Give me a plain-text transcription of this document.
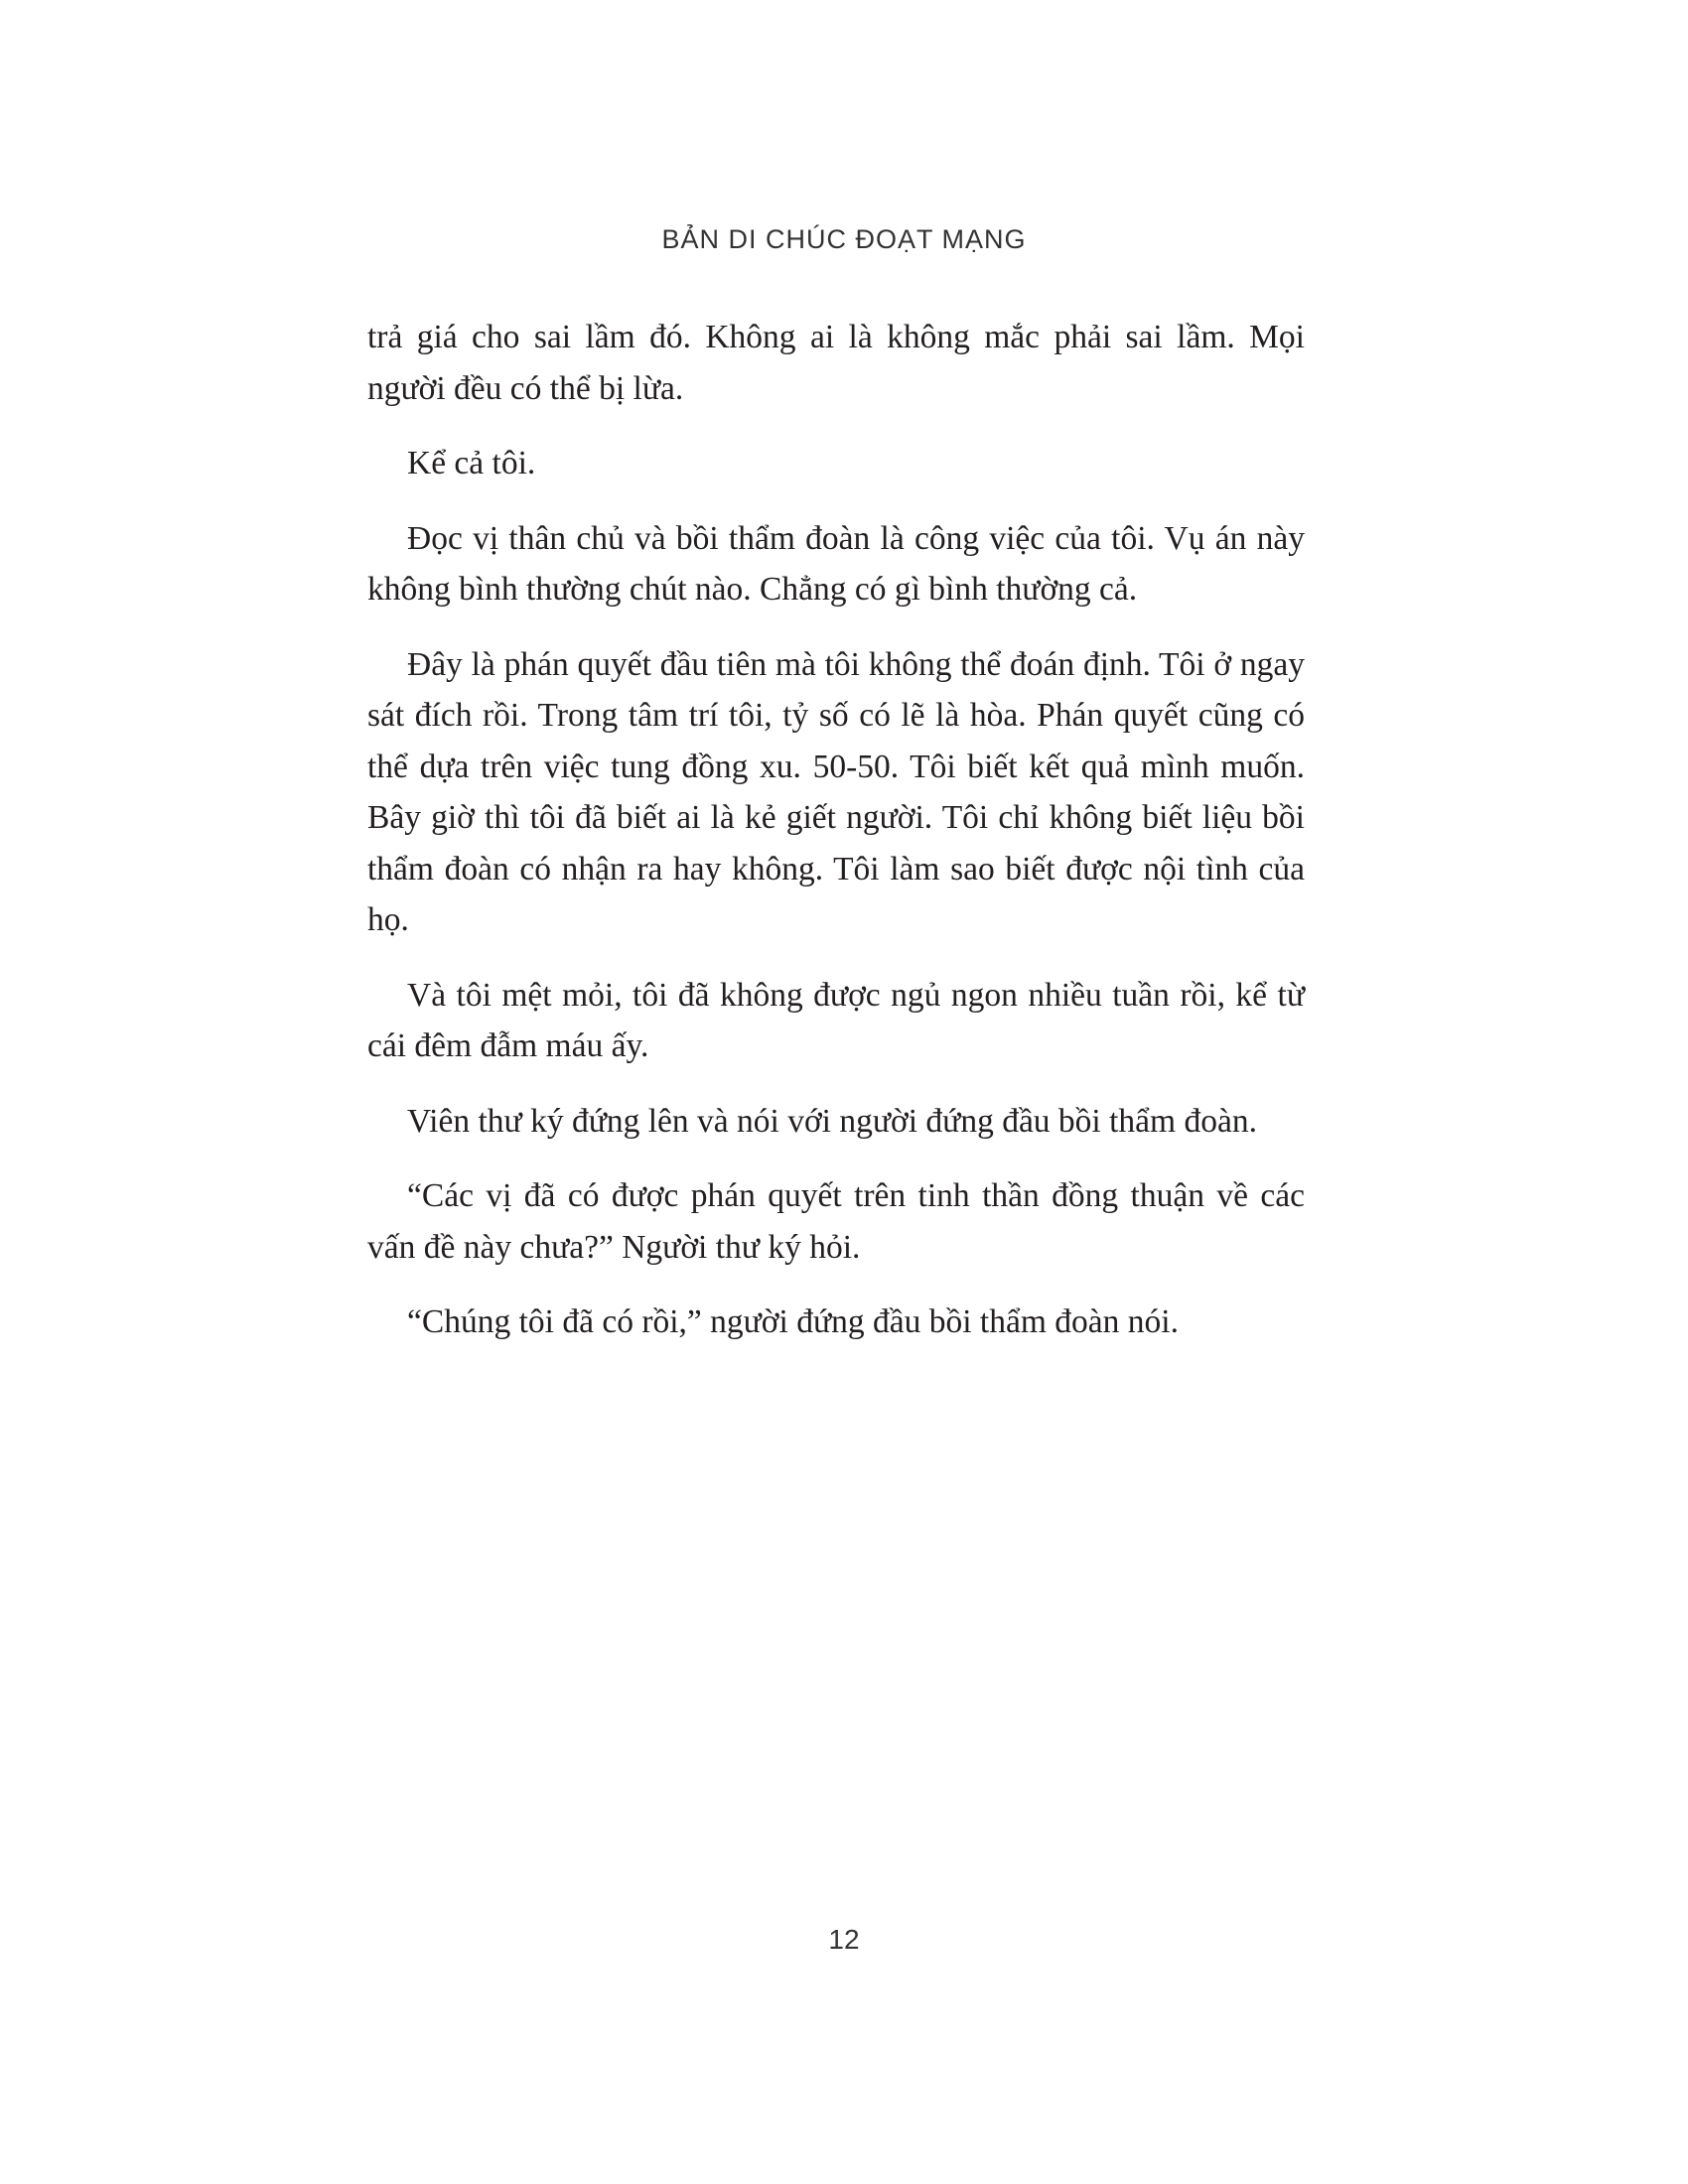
BẢN DI CHÚC ĐOẠT MẠNG

trả giá cho sai lầm đó. Không ai là không mắc phải sai lầm. Mọi người đều có thể bị lừa.

Kể cả tôi.

Đọc vị thân chủ và bồi thẩm đoàn là công việc của tôi. Vụ án này không bình thường chút nào. Chẳng có gì bình thường cả.

Đây là phán quyết đầu tiên mà tôi không thể đoán định. Tôi ở ngay sát đích rồi. Trong tâm trí tôi, tỷ số có lẽ là hòa. Phán quyết cũng có thể dựa trên việc tung đồng xu. 50-50. Tôi biết kết quả mình muốn. Bây giờ thì tôi đã biết ai là kẻ giết người. Tôi chỉ không biết liệu bồi thẩm đoàn có nhận ra hay không. Tôi làm sao biết được nội tình của họ.

Và tôi mệt mỏi, tôi đã không được ngủ ngon nhiều tuần rồi, kể từ cái đêm đẫm máu ấy.

Viên thư ký đứng lên và nói với người đứng đầu bồi thẩm đoàn.

“Các vị đã có được phán quyết trên tinh thần đồng thuận về các vấn đề này chưa?” Người thư ký hỏi.

“Chúng tôi đã có rồi,” người đứng đầu bồi thẩm đoàn nói.

12
